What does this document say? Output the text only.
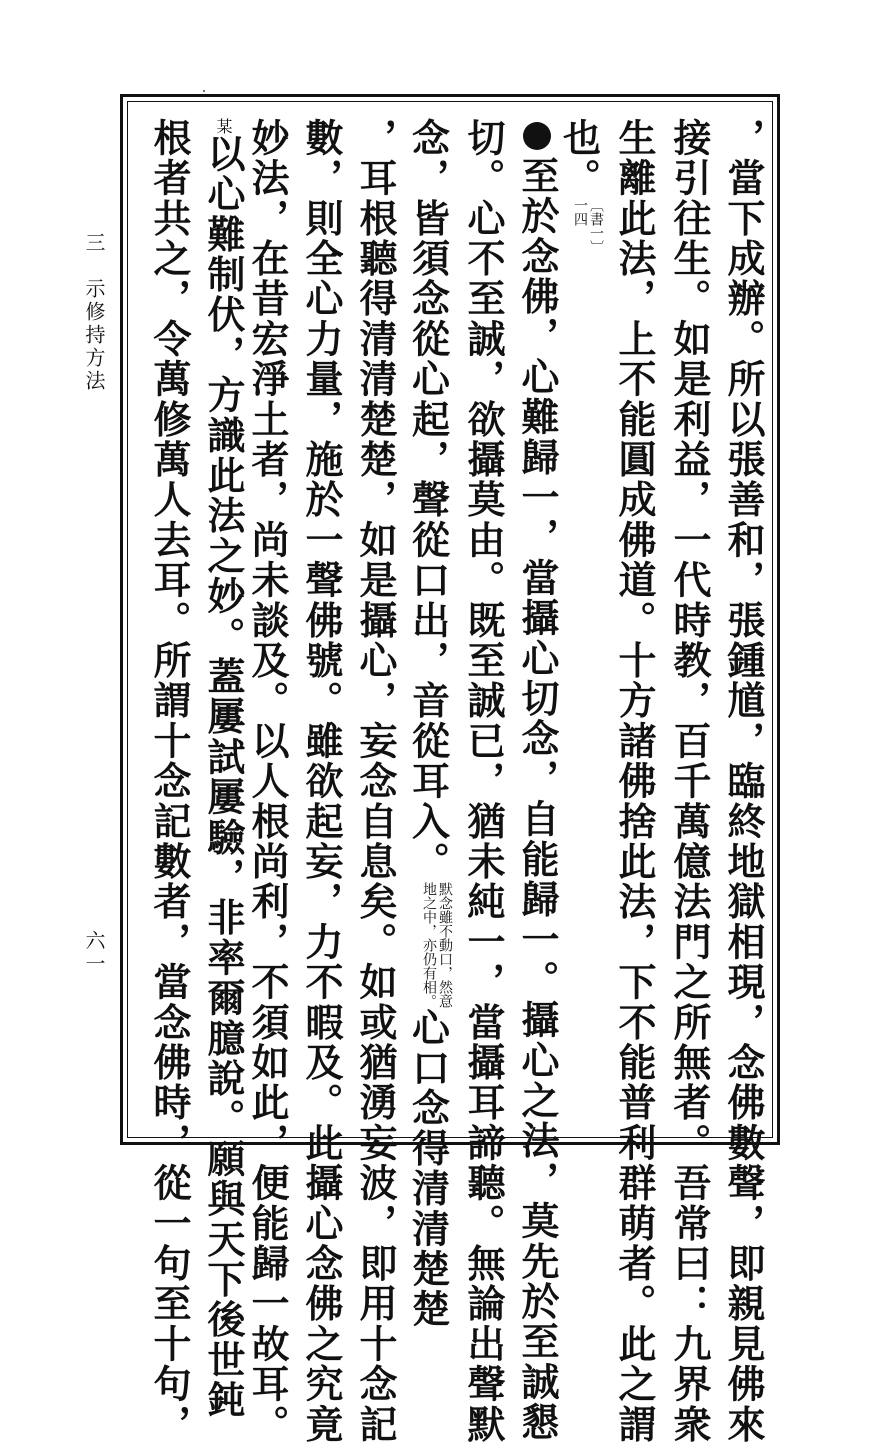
三　示修持方法
六一	，當下成辦。所以張善和，張鍾馗，臨終地獄相現，念佛數聲，即親見佛來
接引往生。如是利益，一代時教，百千萬億法門之所無者。吾常曰：九界衆
生離此法，上不能圓成佛道。十方諸佛捨此法，下不能普利群萌者。此之謂
也。〔書一〕
一四
至於念佛，心難歸一，當攝心切念，自能歸一。攝心之法，莫先於至誠懇
切。心不至誠，欲攝莫由。既至誠已，猶未純一，當攝耳諦聽。無論出聲默
念，皆須念從心起，聲從口出，音從耳入。默念雖不動口，然意
地之中，亦仍有相。心口念得清清楚楚
，耳根聽得清清楚楚，如是攝心，妄念自息矣。如或猶湧妄波，即用十念記
數，則全心力量，施於一聲佛號。雖欲起妄，力不暇及。此攝心念佛之究竟
妙法，在昔宏淨土者，尚未談及。以人根尚利，不須如此，便能歸一故耳。
某以心難制伏，方識此法之妙。蓋屢試屢驗，非率爾臆說。願與天下後世鈍
根者共之，令萬修萬人去耳。所謂十念記數者，當念佛時，從一句至十句，
